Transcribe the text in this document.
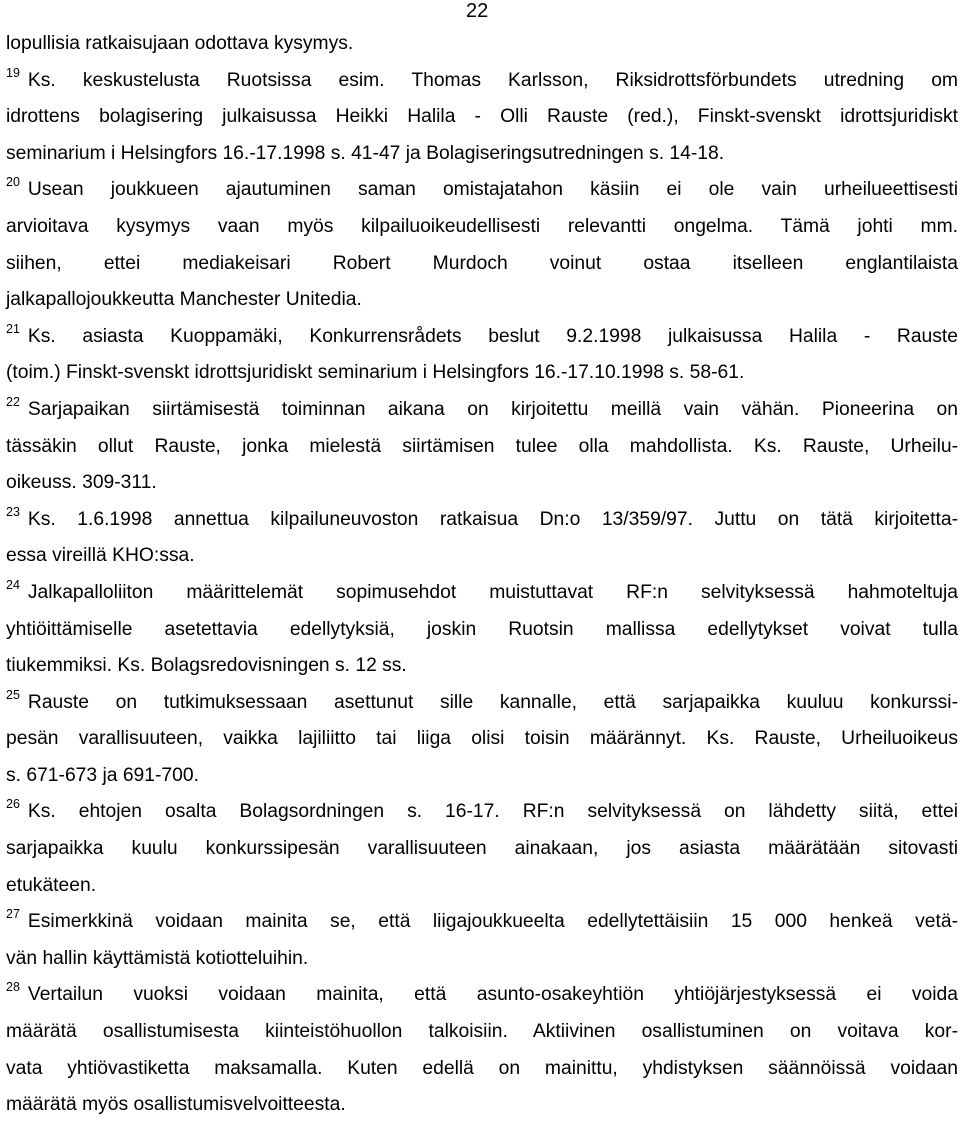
22
lopullisia ratkaisujaan odottava kysymys.
19 Ks. keskustelusta Ruotsissa esim. Thomas Karlsson, Riksidrottsförbundets utredning om
idrottens bolagisering julkaisussa Heikki Halila - Olli Rauste (red.), Finskt-svenskt idrottsjuridiskt
seminarium i Helsingfors 16.-17.1998 s. 41-47 ja Bolagiseringsutredningen s. 14-18.
20 Usean joukkueen ajautuminen saman omistajatahon käsiin ei ole vain urheilueettisesti
arvioitava kysymys vaan myös kilpailuoikeudellisesti relevantti ongelma. Tämä johti mm.
siihen, ettei mediakeisari Robert Murdoch voinut ostaa itselleen englantilaista
jalkapallojoukkeutta Manchester Unitedia.
21 Ks. asiasta Kuoppamäki, Konkurrensrådets beslut 9.2.1998 julkaisussa Halila - Rauste
(toim.) Finskt-svenskt idrottsjuridiskt seminarium i Helsingfors 16.-17.10.1998 s. 58-61.
22 Sarjapaikan siirtämisestä toiminnan aikana on kirjoitettu meillä vain vähän. Pioneerina on
tässäkin ollut Rauste, jonka mielestä siirtämisen tulee olla mahdollista. Ks. Rauste, Urheilu-
oikeuss. 309-311.
23 Ks. 1.6.1998 annettua kilpailuneuvoston ratkaisua Dn:o 13/359/97. Juttu on tätä kirjoitetta-
essa vireillä KHO:ssa.
24 Jalkapalloliiton määrittelemät sopimusehdot muistuttavat RF:n selvityksessä hahmoteltuja
yhtiöittämiselle asetettavia edellytyksiä, joskin Ruotsin mallissa edellytykset voivat tulla
tiukemmiksi. Ks. Bolagsredovisningen s. 12 ss.
25 Rauste on tutkimuksessaan asettunut sille kannalle, että sarjapaikka kuuluu konkurssi-
pesän varallisuuteen, vaikka lajiliitto tai liiga olisi toisin määrännyt. Ks. Rauste, Urheiluoikeus
s. 671-673 ja 691-700.
26 Ks. ehtojen osalta Bolagsordningen s. 16-17. RF:n selvityksessä on lähdetty siitä, ettei
sarjapaikka kuulu konkurssipesän varallisuuteen ainakaan, jos asiasta määrätään sitovasti
etukäteen.
27 Esimerkkinä voidaan mainita se, että liigajoukkueelta edellytettäisiin 15 000 henkeä vetä-
vän hallin käyttämistä kotiotteluihin.
28 Vertailun vuoksi voidaan mainita, että asunto-osakeyhtiön yhtiöjärjestyksessä ei voida
määrätä osallistumisesta kiinteistöhuollon talkoisiin. Aktiivinen osallistuminen on voitava kor-
vata yhtiövastiketta maksamalla. Kuten edellä on mainittu, yhdistyksen säännöissä voidaan
määrätä myös osallistumisvelvoitteesta.
